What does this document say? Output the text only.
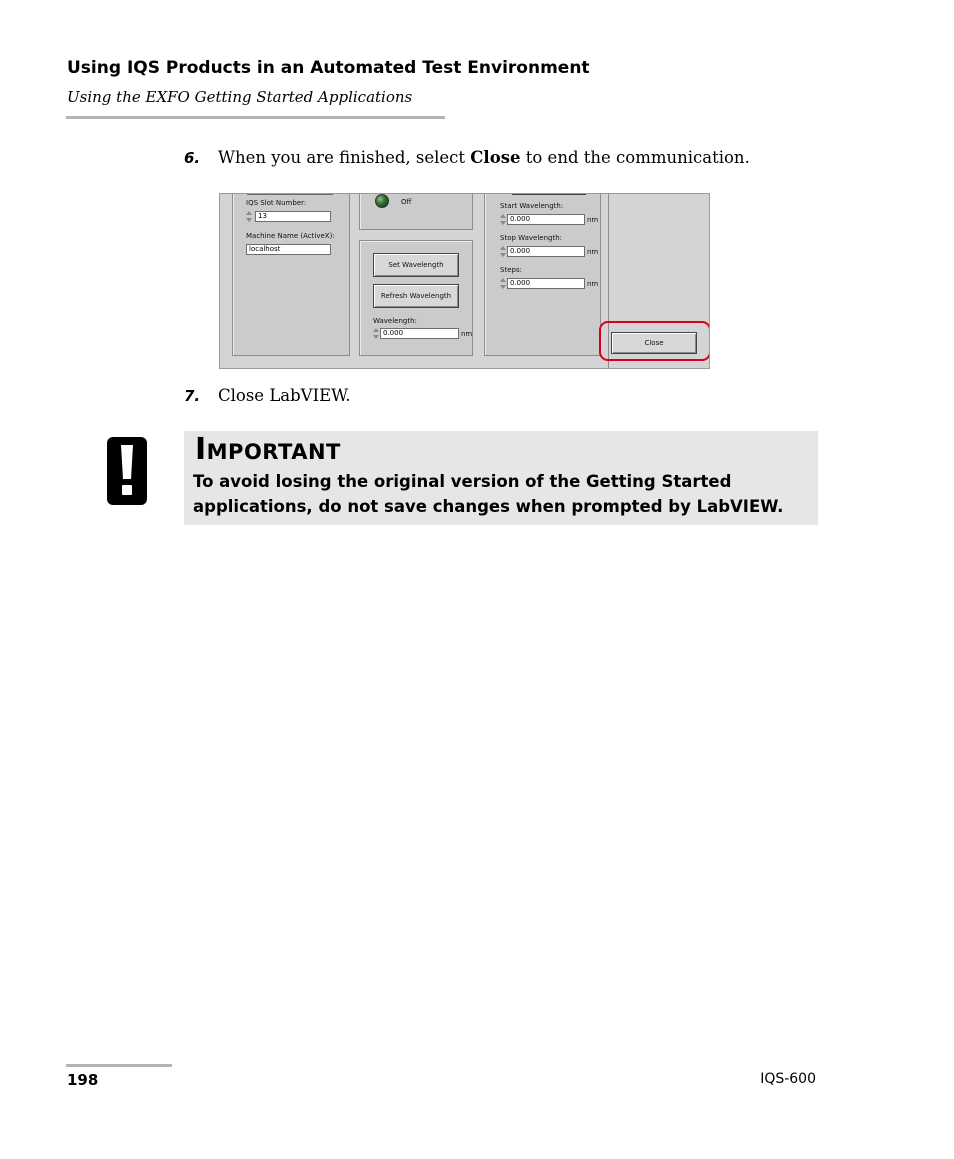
Using IQS Products in an Automated Test Environment
Using the EXFO Getting Started Applications
6. When you are finished, select Close to end the communication.
IQS Slot Number:
13
Machine Name (ActiveX):
localhost
Off
Set Wavelength
Refresh Wavelength
Wavelength:
0.000	nm
Start Wavelength:
0.000	nm
Stop Wavelength:
0.000	nm
Steps:
0.000	nm
Close
7. Close LabVIEW.
Important
To avoid losing the original version of the Getting Started applications, do not save changes when prompted by LabVIEW.
198	IQS-600
